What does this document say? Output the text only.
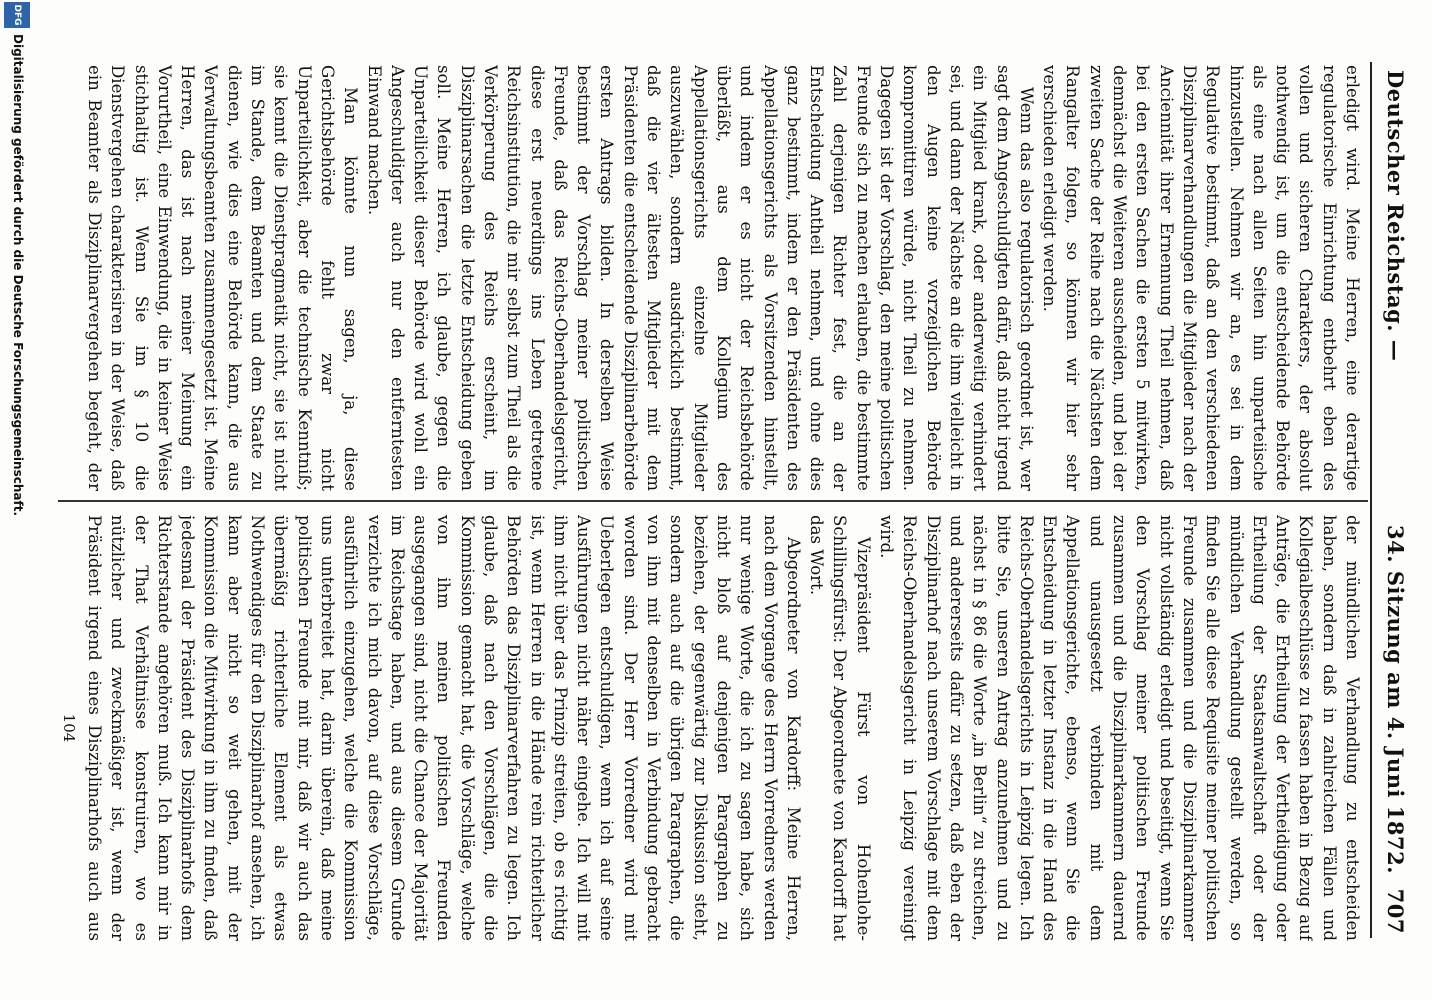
Deutscher Reichstag. —
34. Sitzung am 4. Juni 1872.
707

erledigt wird. Meine Herren, eine derartige regulatorische Einrichtung entbehrt eben des vollen und sicheren Charakters, der absolut nothwendig ist, um die entscheidende Behörde als eine nach allen Seiten hin unparteiische hinzustellen. Nehmen wir an, es sei in dem Regulative bestimmt, daß an den verschiedenen Disziplinarverhandlungen die Mitglieder nach der Anciennität ihrer Ernennung Theil nehmen, daß bei den ersten Sachen die ersten 5 mitwirken, demnächst die Weiteren ausscheiden, und bei der zweiten Sache der Reihe nach die Nächsten dem Rangalter folgen, so können wir hier sehr verschieden erledigt werden.

Wenn das also regulatorisch geordnet ist, wer sagt dem Angeschuldigten dafür, daß nicht irgend ein Mitglied krank, oder anderweitig verhindert sei, und dann der Nächste an die ihm vielleicht in den Augen keine vorzeiglichen Behörde kompromittiren würde, nicht Theil zu nehmen. Dagegen ist der Vorschlag, den meine politischen Freunde sich zu machen erlauben, die bestimmte Zahl derjenigen Richter fest, die an der Entscheidung Antheil nehmen, und ohne dies ganz bestimmt, indem er den Präsidenten des Appellationsgerichts als Vorsitzenden hinstellt, und indem er es nicht der Reichsbehörde überläßt, aus dem Kollegium des Appellationsgerichts einzelne Mitglieder auszuwählen, sondern ausdrücklich bestimmt, daß die vier ältesten Mitglieder mit dem Präsidenten die entscheidende Disziplinarbehörde ersten Antrags bilden. In derselben Weise bestimmt der Vorschlag meiner politischen Freunde, daß das Reichs-Oberhandelsgericht, diese erst neuerdings ins Leben getretene Reichsinstitution, die mir selbst zum Theil als die Verkörperung des Reichs erscheint, im Disziplinarsachen die letzte Entscheidung geben soll. Meine Herren, ich glaube, gegen die Unparteilichkeit dieser Behörde wird wohl ein Angeschuldigter auch nur den entferntesten Einwand machen.

Man könnte nun sagen, ja, diese Gerichtsbehörde fehlt zwar nicht Unparteilichkeit, aber die technische Kenntniß; sie kennt die Dienstpragmatik nicht, sie ist nicht im Stande, dem Beamten und dem Staate zu dienen, wie dies eine Behörde kann, die aus Verwaltungsbeamten zusammengesetzt ist. Meine Herren, das ist nach meiner Meinung ein Vorurtheil, eine Einwendung, die in keiner Weise stichhaltig ist. Wenn Sie im § 10 die Dienstvergehen charakterisiren in der Weise, daß ein Beamter als Disziplinarvergehen begeht, der

der mündlichen Verhandlung zu entscheiden haben, sondern daß in zahlreichen Fällen und Kollegialbeschlüsse zu fassen haben in Bezug auf Anträge, die Ertheilung der Vertheidigung oder Ertheilung der Staatsanwaltschaft oder der mündlichen Verhandlung gestellt werden, so finden Sie alle diese Requisite meiner politischen Freunde zusammen und die Disziplinarkammer nicht vollständig erledigt und beseitigt, wenn Sie den Vorschlag meiner politischen Freunde zusammen und die Disziplinarkammern dauernd und unausgesetzt verbinden mit dem Appellationsgerichte, ebenso, wenn Sie die Entscheidung in letzter Instanz in die Hand des Reichs-Oberhandelsgerichts in Leipzig legen. Ich bitte Sie, unseren Antrag anzunehmen und zu nächst in § 86 die Worte „in Berlin“ zu streichen, und andererseits dafür zu setzen, daß eben der Disziplinarhof nach unserem Vorschlage mit dem Reichs-Oberhandelsgericht in Leipzig vereinigt wird.

Vizepräsident Fürst von Hohenlohe-Schillingsfürst: Der Abgeordnete von Kardorff hat das Wort.

Abgeordneter von Kardorff: Meine Herren, nach dem Vorgange des Herrn Vorredners werden nur wenige Worte, die ich zu sagen habe, sich nicht bloß auf denjenigen Paragraphen zu beziehen, der gegenwärtig zur Diskussion steht, sondern auch auf die übrigen Paragraphen, die von ihm mit denselben in Verbindung gebracht worden sind. Der Herr Vorredner wird mit Ueberlegen entschuldigen, wenn ich auf seine Ausführungen nicht näher eingehe. Ich will mit ihm nicht über das Prinzip streiten, ob es richtig ist, wenn Herren in die Hände rein richterlicher Behörden das Disziplinarverfahren zu legen. Ich glaube, daß nach den Vorschlägen, die die Kommission gemacht hat, die Vorschläge, welche von ihm meinen politischen Freunden ausgegangen sind, nicht die Chance der Majorität im Reichstage haben, und aus diesem Grunde verzichte ich mich davon, auf diese Vorschläge, ausführlich einzugehen, welche die Kommission uns unterbreitet hat, darin überein, daß meine politischen Freunde mit mir, daß wir auch das übermäßig richterliche Element als etwas Nothwendiges für den Disziplinarhof ansehen, ich kann aber nicht so weit gehen, mit der Kommission die Mitwirkung in ihm zu finden, daß jedesmal der Präsident des Disziplinarhofs dem Richterstande angehören muß. Ich kann mir in der That Verhältnisse konstruiren, wo es nützlicher und zweckmäßiger ist, wenn der Präsident irgend eines Disziplinarhofs auch aus

104
DFG
Digitalisierung gefördert durch die Deutsche Forschungsgemeinschaft.
